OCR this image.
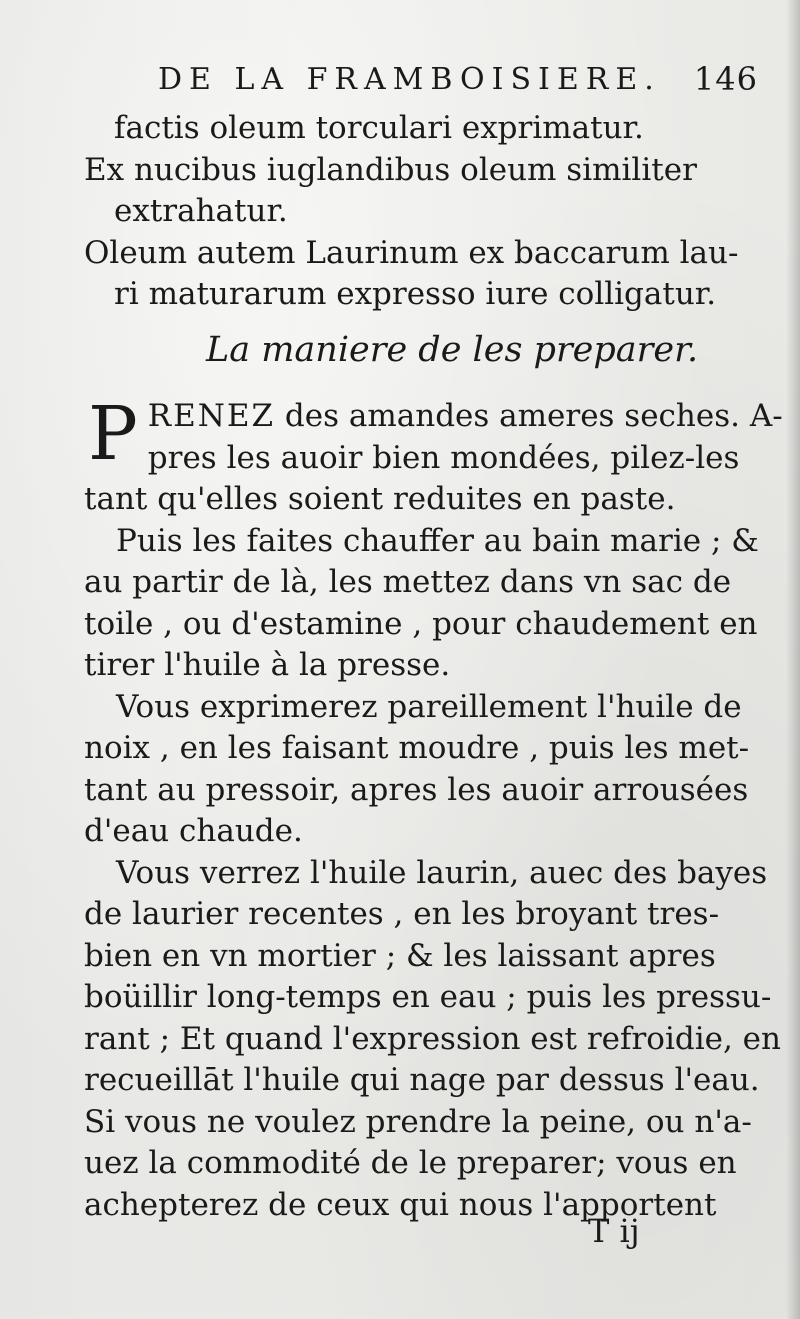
DE LA FRAMBOISIERE. 146
factis oleum torculari exprimatur.
Ex nucibus iuglandibus oleum similiter
extrahatur.
Oleum autem Laurinum ex baccarum lau-
ri maturarum expresso iure colligatur.
La maniere de les preparer.
P RENEZ des amandes ameres seches. A-
pres les auoir bien mondées, pilez-les
tant qu'elles soient reduites en paste.
Puis les faites chauffer au bain marie ; &
au partir de là, les mettez dans vn sac de
toile , ou d'estamine , pour chaudement en
tirer l'huile à la presse.
Vous exprimerez pareillement l'huile de
noix , en les faisant moudre , puis les met-
tant au pressoir, apres les auoir arrousées
d'eau chaude.
Vous verrez l'huile laurin, auec des bayes
de laurier recentes , en les broyant tres-
bien en vn mortier ; & les laissant apres
boüillir long-temps en eau ; puis les pressu-
rant ; Et quand l'expression est refroidie, en
recueillāt l'huile qui nage par dessus l'eau.
Si vous ne voulez prendre la peine, ou n'a-
uez la commodité de le preparer; vous en
achepterez de ceux qui nous l'apportent
T ij
